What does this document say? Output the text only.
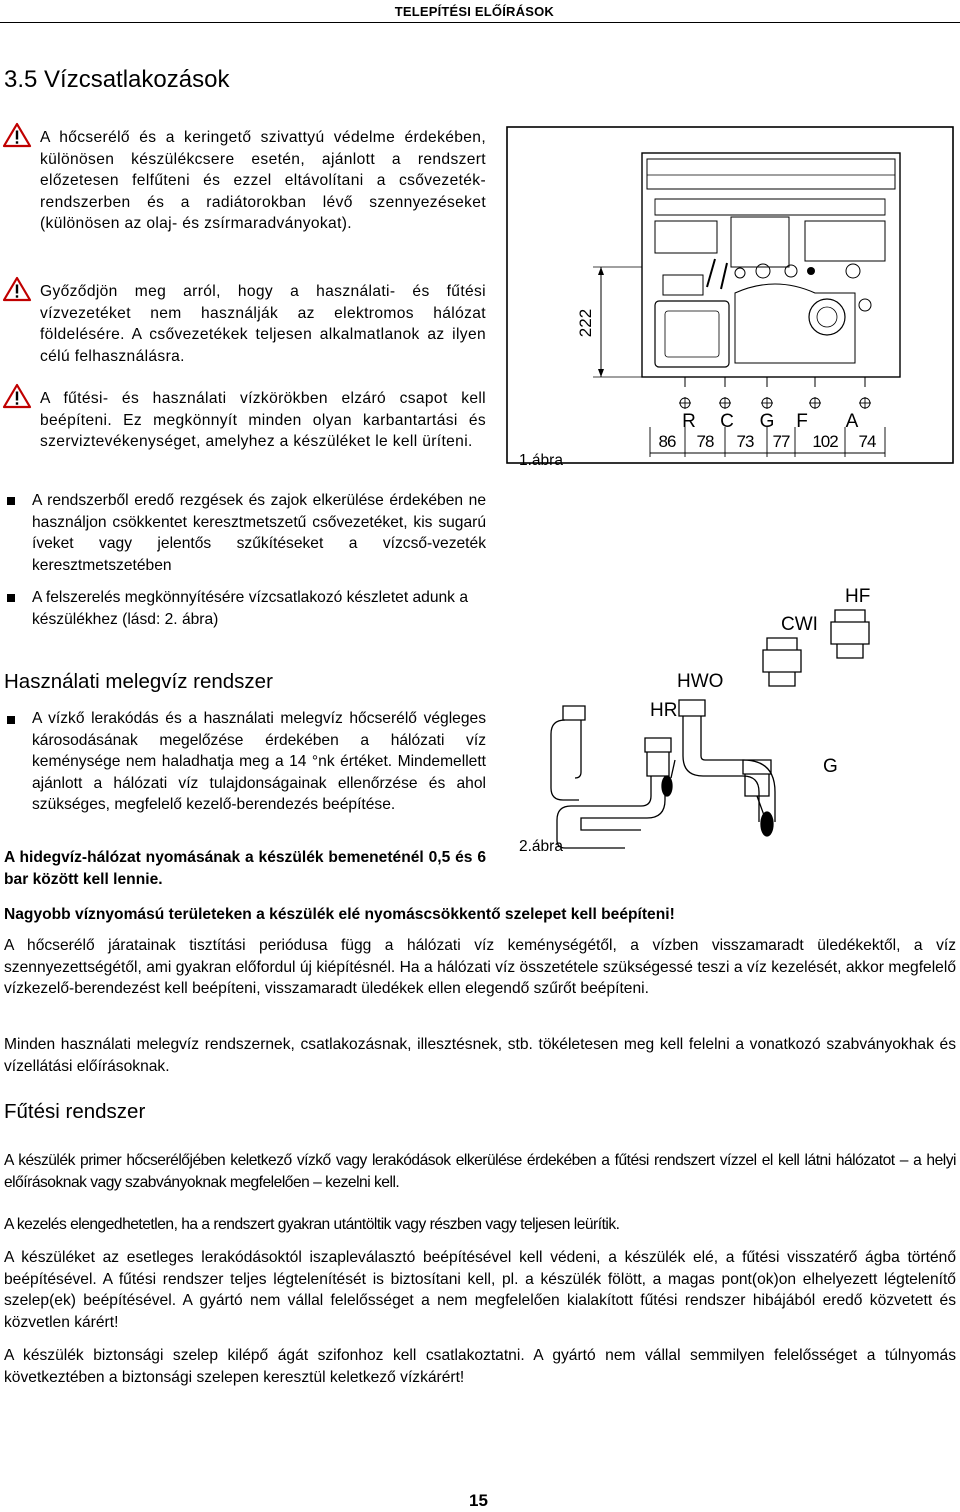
TELEPÍTÉSI ELŐÍRÁSOK
3.5 Vízcsatlakozások
A hőcserélő és a keringető szivattyú védelme érdekében, különösen készülékcsere esetén, ajánlott a rendszert előzetesen felfűteni és ezzel eltávolítani a csővezeték-rendszerben és a radiátorokban lévő szennyezéseket (különösen az olaj- és zsírmaradványokat).
Győződjön meg arról, hogy a használati- és fűtési vízvezetéket nem használják az elektromos hálózat földelésére. A csővezetékek teljesen alkalmatlanok az ilyen célú felhasználásra.
A fűtési- és használati vízkörökben elzáró csapot kell beépíteni. Ez megkönnyít minden olyan karbantartási és szerviztevékenységet, amelyhez a készüléket le kell üríteni.
A rendszerből eredő rezgések és zajok elkerülése érdekében ne használjon csökkentet keresztmetszetű csővezetéket, kis sugarú íveket vagy jelentős szűkítéseket a vízcső-vezeték keresztmetszetében
A felszerelés megkönnyítésére vízcsatlakozó készletet adunk a készülékhez (lásd: 2. ábra)
222
R C G F A
86 78 73 77 102 74
1.ábra
HF
CWI
HWO
HR
G
2.ábra
Használati melegvíz rendszer
A vízkő lerakódás és a használati melegvíz hőcserélő végleges károsodásának megelőzése érdekében a hálózati víz keménysége nem haladhatja meg a 14 °nk értéket. Mindemellett ajánlott a hálózati víz tulajdonságainak ellenőrzése és ahol szükséges, megfelelő kezelő-berendezés beépítése.
A hidegvíz-hálózat nyomásának a készülék bemeneténél 0,5 és 6 bar között kell lennie.
Nagyobb víznyomású területeken a készülék elé nyomáscsökkentő szelepet kell beépíteni!
A hőcserélő járatainak tisztítási periódusa függ a hálózati víz keménységétől, a vízben visszamaradt üledékektől, a víz szennyezettségétől, ami gyakran előfordul új kiépítésnél. Ha a hálózati víz összetétele szükségessé teszi a víz kezelését, akkor megfelelő vízkezelő-berendezést kell beépíteni, visszamaradt üledékek ellen elegendő szűrőt beépíteni.
Minden használati melegvíz rendszernek, csatlakozásnak, illesztésnek, stb. tökéletesen meg kell felelni a vonatkozó szabványokhak és vízellátási előírásoknak.
Fűtési rendszer
A készülék primer hőcserélőjében keletkező vízkő vagy lerakódások elkerülése érdekében a fűtési rendszert vízzel el kell látni hálózatot – a helyi előírásoknak vagy szabványoknak megfelelően – kezelni kell.
A kezelés elengedhetetlen, ha a rendszert gyakran utántöltik vagy részben vagy teljesen leürítik.
A készüléket az esetleges lerakódásoktól iszapleválasztó beépítésével kell védeni, a készülék elé, a fűtési visszatérő ágba történő beépítésével. A fűtési rendszer teljes légtelenítését is biztosítani kell, pl. a készülék fölött, a magas pont(ok)on elhelyezett légtelenítő szelep(ek) beépítésével. A gyártó nem vállal felelősséget a nem megfelelően kialakított fűtési rendszer hibájából eredő közvetett és közvetlen kárért!
A készülék biztonsági szelep kilépő ágát szifonhoz kell csatlakoztatni. A gyártó nem vállal semmilyen felelősséget a túlnyomás következtében a biztonsági szelepen keresztül keletkező vízkárért!
15
